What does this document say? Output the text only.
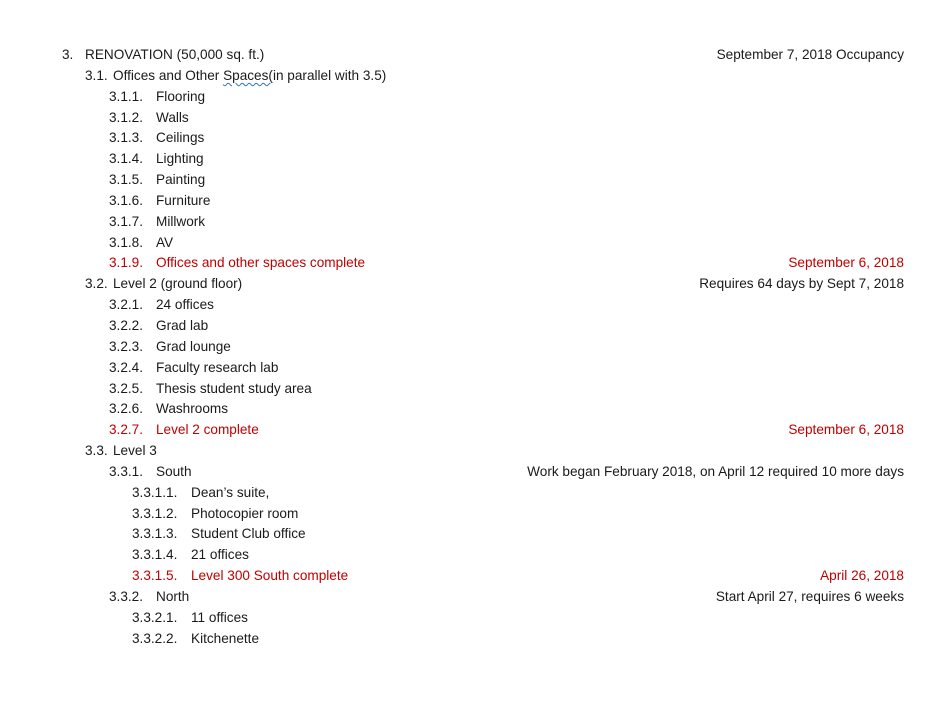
3. RENOVATION (50,000 sq. ft.)	September 7, 2018 Occupancy
3.1. Offices and Other Spaces(in parallel with 3.5)
3.1.1. Flooring
3.1.2. Walls
3.1.3. Ceilings
3.1.4. Lighting
3.1.5. Painting
3.1.6. Furniture
3.1.7. Millwork
3.1.8. AV
3.1.9. Offices and other spaces complete	September 6, 2018
3.2. Level 2 (ground floor)	Requires 64 days by Sept 7, 2018
3.2.1. 24 offices
3.2.2. Grad lab
3.2.3. Grad lounge
3.2.4. Faculty research lab
3.2.5. Thesis student study area
3.2.6. Washrooms
3.2.7. Level 2 complete	September 6, 2018
3.3. Level 3
3.3.1. South	Work began February 2018, on April 12 required 10 more days
3.3.1.1. Dean’s suite,
3.3.1.2. Photocopier room
3.3.1.3. Student Club office
3.3.1.4. 21 offices
3.3.1.5. Level 300 South complete	April 26, 2018
3.3.2. North	Start April 27, requires 6 weeks
3.3.2.1. 11 offices
3.3.2.2. Kitchenette
